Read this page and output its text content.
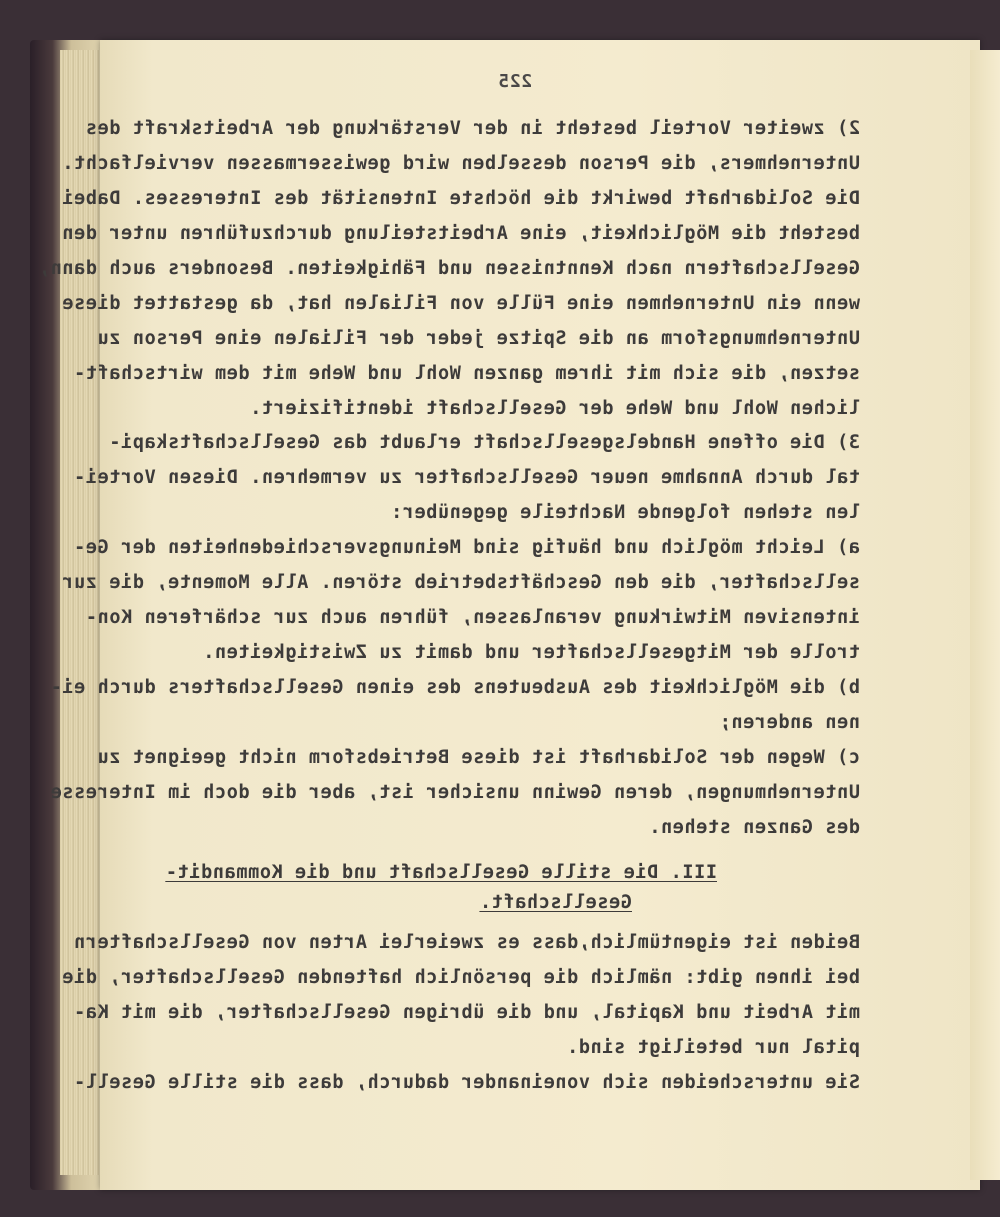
225
2) zweiter Vorteil besteht in der Verstärkung der Arbeitskraft des
Unternehmers, die Person desselben wird gewissermassen vervielfacht.
Die Solidarhaft bewirkt die höchste Intensität des Interesses. Dabei
besteht die Möglichkeit, eine Arbeitsteilung durchzuführen unter den
Gesellschaftern nach Kenntnissen und Fähigkeiten. Besonders auch dann,
wenn ein Unternehmen eine Fülle von Filialen hat, da gestattet diese
Unternehmungsform an die Spitze jeder der Filialen eine Person zu
setzen, die sich mit ihrem ganzen Wohl und Wehe mit dem wirtschaft-
lichen Wohl und Wehe der Gesellschaft identifiziert.
3) Die offene Handelsgesellschaft erlaubt das Gesellschaftskapi-
tal durch Annahme neuer Gesellschafter zu vermehren. Diesen Vortei-
len stehen folgende Nachteile gegenüber:
a) Leicht möglich und häufig sind Meinungsverschiedenheiten der Ge-
sellschafter, die den Geschäftsbetrieb stören. Alle Momente, die zur
intensiven Mitwirkung veranlassen, führen auch zur schärferen Kon-
trolle der Mitgesellschafter und damit zu Zwistigkeiten.
b) die Möglichkeit des Ausbeutens des einen Gesellschafters durch ei-
nen anderen;
c) Wegen der Solidarhaft ist diese Betriebsform nicht geeignet zu
Unternehmungen, deren Gewinn unsicher ist, aber die doch im Interesse
des Ganzen stehen.
III. Die stille Gesellschaft und die Kommandit-
Gesellschaft.
Beiden ist eigentümlich,dass es zweierlei Arten von Gesellschaftern
bei ihnen gibt: nämlich die persönlich haftenden Gesellschafter, die
mit Arbeit und Kapital, und die übrigen Gesellschafter, die mit Ka-
pital nur beteiligt sind.
Sie unterscheiden sich voneinander dadurch, dass die stille Gesell-
